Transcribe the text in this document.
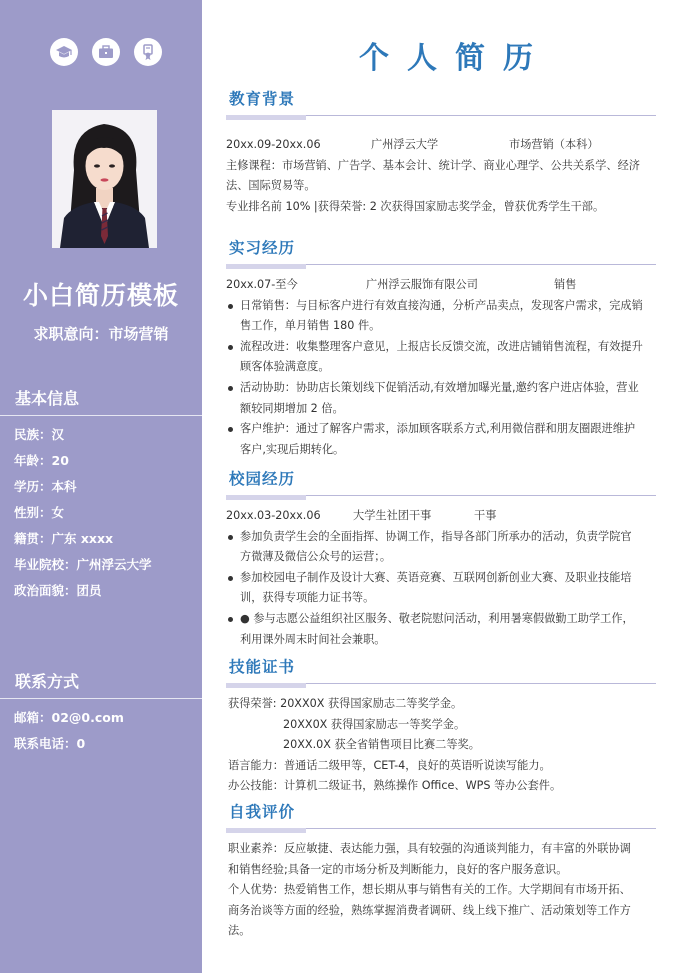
小白简历模板
求职意向：市场营销
基本信息
民族：汉
年龄：20
学历：本科
性别：女
籍贯：广东 xxxx
毕业院校：广州浮云大学
政治面貌：团员
联系方式
邮箱：02@0.com
联系电话：0
个人简历
教育背景
20xx.09-20xx.06	广州浮云大学	市场营销（本科）
主修课程：市场营销、广告学、基本会计、统计学、商业心理学、公共关系学、经济
法、国际贸易等。
专业排名前 10% |获得荣誉: 2 次获得国家励志奖学金，曾获优秀学生干部。
实习经历
20xx.07-至今	广州浮云服饰有限公司	销售
日常销售：与目标客户进行有效直接沟通，分析产品卖点，发现客户需求，完成销
售工作，单月销售 180 件。
流程改进：收集整理客户意见，上报店长反馈交流，改进店铺销售流程，有效提升
顾客体验满意度。
活动协助：协助店长策划线下促销活动,有效增加曝光量,邀约客户进店体验，营业
额较同期增加 2 倍。
客户维护：通过了解客户需求，添加顾客联系方式,利用微信群和朋友圈跟进维护
客户,实现后期转化。
校园经历
20xx.03-20xx.06	大学生社团干事	干事
参加负责学生会的全面指挥、协调工作，指导各部门所承办的活动，负责学院官
方微薄及微信公众号的运营；。
参加校园电子制作及设计大赛、英语竞赛、互联网创新创业大赛、及职业技能培
训，获得专项能力证书等。
● 参与志愿公益组织社区服务、敬老院慰问活动，利用暑寒假做勤工助学工作，
利用课外周末时间社会兼职。
技能证书
获得荣誉: 20XX0X 获得国家励志二等奖学金。
20XX0X 获得国家励志一等奖学金。
20XX.0X 获全省销售项目比赛二等奖。
语言能力：普通话二级甲等，CET-4，良好的英语听说读写能力。
办公技能：计算机二级证书，熟练操作 Office、WPS 等办公套件。
自我评价
职业素养：反应敏捷、表达能力强，具有较强的沟通谈判能力，有丰富的外联协调
和销售经验;具备一定的市场分析及判断能力，良好的客户服务意识。
个人优势：热爱销售工作，想长期从事与销售有关的工作。大学期间有市场开拓、
商务治谈等方面的经验，熟练掌握消费者调研、线上线下推广、活动策划等工作方
法。
